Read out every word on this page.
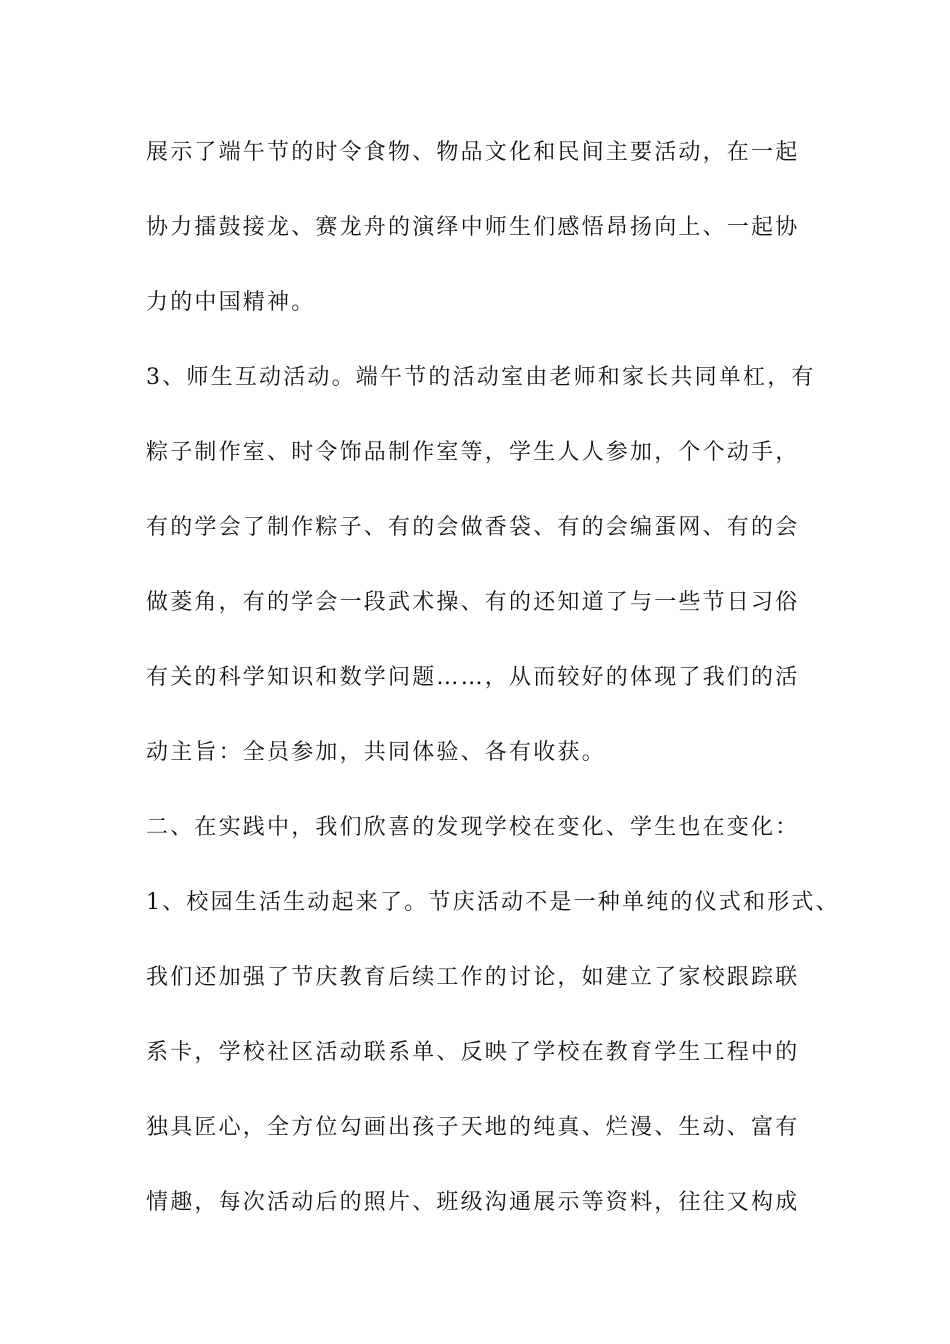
展示了端午节的时令食物、物品文化和民间主要活动，在一起
协力擂鼓接龙、赛龙舟的演绎中师生们感悟昂扬向上、一起协
力的中国精神。
3、师生互动活动。端午节的活动室由老师和家长共同单杠，有
粽子制作室、时令饰品制作室等，学生人人参加，个个动手，
有的学会了制作粽子、有的会做香袋、有的会编蛋网、有的会
做菱角，有的学会一段武术操、有的还知道了与一些节日习俗
有关的科学知识和数学问题……，从而较好的体现了我们的活
动主旨：全员参加，共同体验、各有收获。
二、在实践中，我们欣喜的发现学校在变化、学生也在变化：
1、校园生活生动起来了。节庆活动不是一种单纯的仪式和形式、
我们还加强了节庆教育后续工作的讨论，如建立了家校跟踪联
系卡，学校社区活动联系单、反映了学校在教育学生工程中的
独具匠心，全方位勾画出孩子天地的纯真、烂漫、生动、富有
情趣，每次活动后的照片、班级沟通展示等资料，往往又构成
